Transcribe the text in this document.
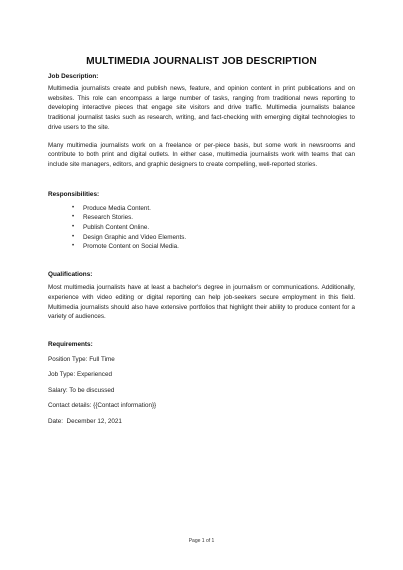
MULTIMEDIA JOURNALIST JOB DESCRIPTION
Job Description:

Multimedia journalists create and publish news, feature, and opinion content in print publications and on websites. This role can encompass a large number of tasks, ranging from traditional news reporting to developing interactive pieces that engage site visitors and drive traffic. Multimedia journalists balance traditional journalist tasks such as research, writing, and fact-checking with emerging digital technologies to drive users to the site.

Many multimedia journalists work on a freelance or per-piece basis, but some work in newsrooms and contribute to both print and digital outlets. In either case, multimedia journalists work with teams that can include site managers, editors, and graphic designers to create compelling, well-reported stories.

Responsibilities:
• Produce Media Content.
• Research Stories.
• Publish Content Online.
• Design Graphic and Video Elements.
• Promote Content on Social Media.
Qualifications:

Most multimedia journalists have at least a bachelor's degree in journalism or communications. Additionally, experience with video editing or digital reporting can help job-seekers secure employment in this field. Multimedia journalists should also have extensive portfolios that highlight their ability to produce content for a variety of audiences.

Requirements:
Position Type: Full Time
Job Type: Experienced
Salary: To be discussed
Contact details: {{Contact information}}
Date:  December 12, 2021
Page 1 of 1
